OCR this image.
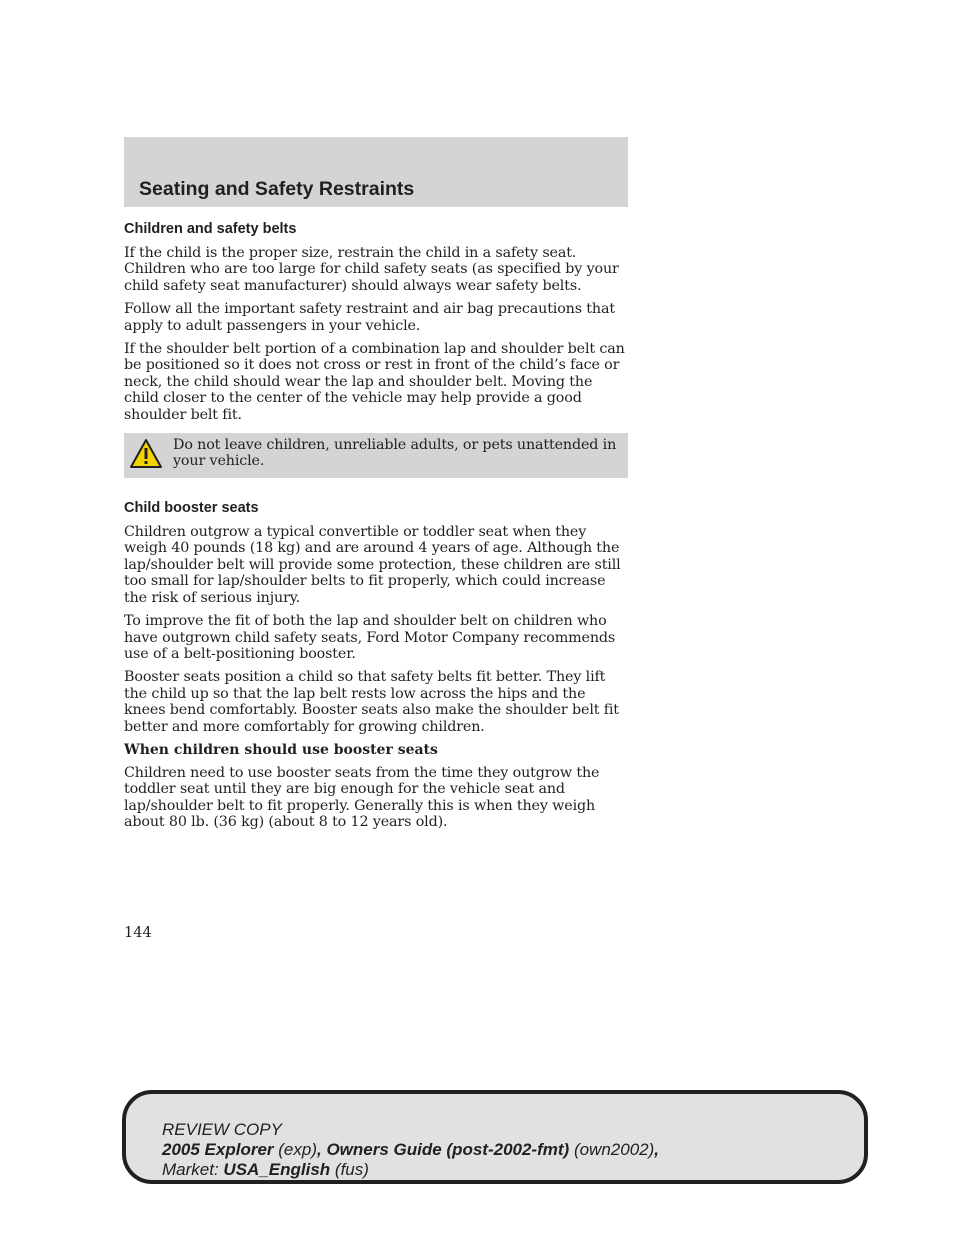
Seating and Safety Restraints
Children and safety belts

If the child is the proper size, restrain the child in a safety seat. Children who are too large for child safety seats (as specified by your child safety seat manufacturer) should always wear safety belts.

Follow all the important safety restraint and air bag precautions that apply to adult passengers in your vehicle.

If the shoulder belt portion of a combination lap and shoulder belt can be positioned so it does not cross or rest in front of the child’s face or neck, the child should wear the lap and shoulder belt. Moving the child closer to the center of the vehicle may help provide a good shoulder belt fit.

Do not leave children, unreliable adults, or pets unattended in your vehicle.
Child booster seats

Children outgrow a typical convertible or toddler seat when they weigh 40 pounds (18 kg) and are around 4 years of age. Although the lap/shoulder belt will provide some protection, these children are still too small for lap/shoulder belts to fit properly, which could increase the risk of serious injury.

To improve the fit of both the lap and shoulder belt on children who have outgrown child safety seats, Ford Motor Company recommends use of a belt-positioning booster.

Booster seats position a child so that safety belts fit better. They lift the child up so that the lap belt rests low across the hips and the knees bend comfortably. Booster seats also make the shoulder belt fit better and more comfortably for growing children.

When children should use booster seats

Children need to use booster seats from the time they outgrow the toddler seat until they are big enough for the vehicle seat and lap/shoulder belt to fit properly. Generally this is when they weigh about 80 lb. (36 kg) (about 8 to 12 years old).

144
REVIEW COPY
2005 Explorer (exp), Owners Guide (post-2002-fmt) (own2002),
Market: USA_English (fus)
